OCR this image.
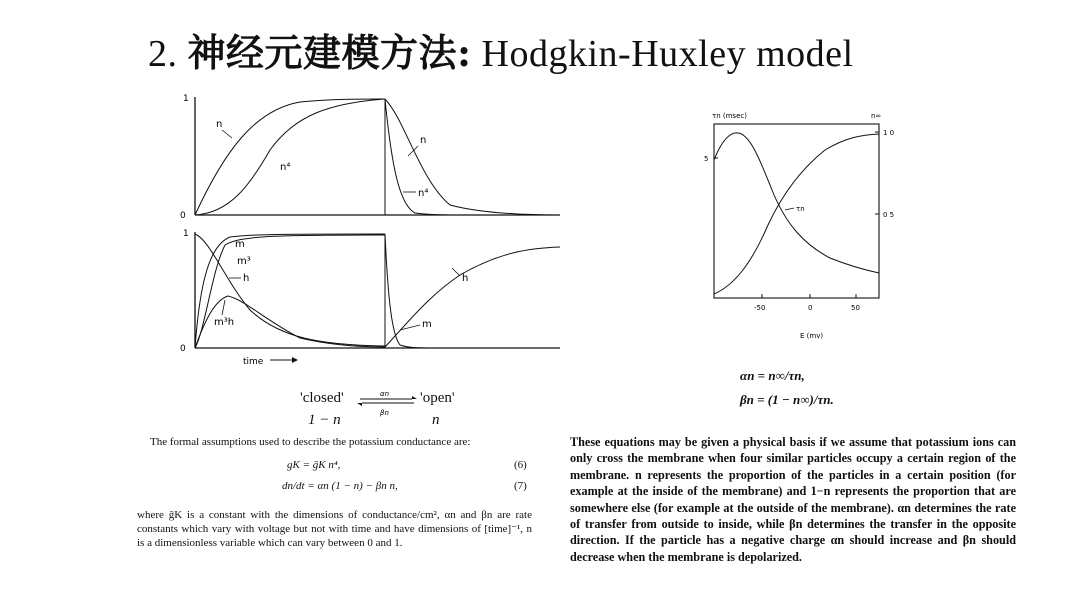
2. 神经元建模方法: Hodgkin-Huxley model
1
0
n
n⁴
n
n⁴
1
0
m
m³
h	h
m³h	m
time
τn (msec)
5
n∞
1 0
0 5
-50	0	50
E (mv)
τn
'closed'	αn
βn
'open'
1 − n	n
αn = n∞/τn,
βn = (1 − n∞)/τn.
The formal assumptions used to describe the potassium conductance are:
gK = ḡK n⁴,	(6)
dn/dt = αn (1 − n) − βn n,	(7)
where ḡK is a constant with the dimensions of conductance/cm², αn and βn are rate constants which vary with voltage but not with time and have dimensions of [time]⁻¹, n is a dimensionless variable which can vary between 0 and 1.
These equations may be given a physical basis if we assume that potassium ions can only cross the membrane when four similar particles occupy a certain region of the membrane. n represents the proportion of the particles in a certain position (for example at the inside of the membrane) and 1−n represents the proportion that are somewhere else (for example at the outside of the membrane). αn determines the rate of transfer from outside to inside, while βn determines the transfer in the opposite direction. If the particle has a negative charge αn should increase and βn should decrease when the membrane is depolarized.
